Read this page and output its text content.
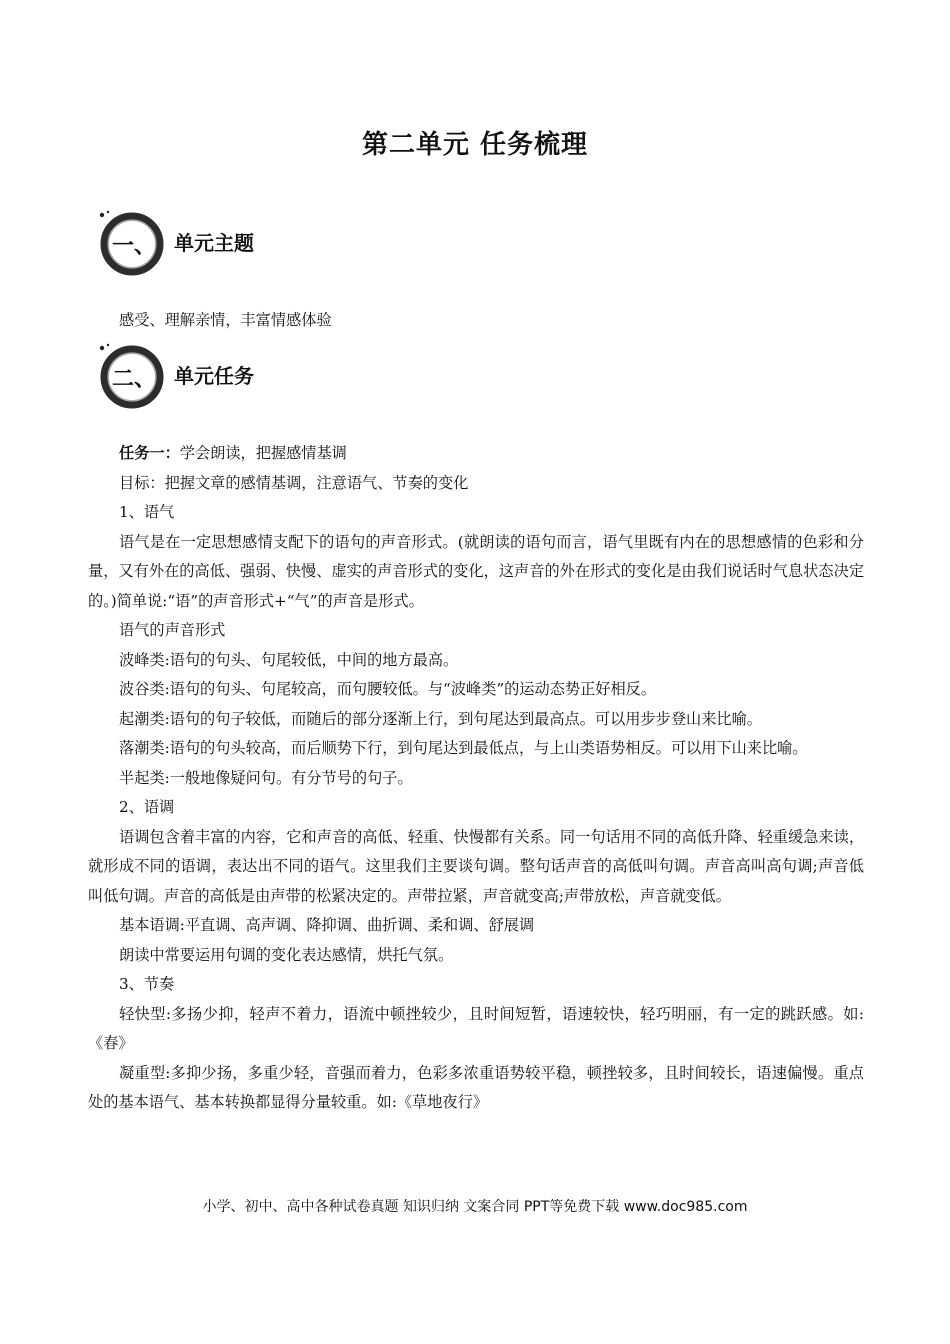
第二单元 任务梳理
一、 单元主题
感受、理解亲情，丰富情感体验
二、 单元任务

任务一：学会朗读，把握感情基调

目标：把握文章的感情基调，注意语气、节奏的变化

1、语气

语气是在一定思想感情支配下的语句的声音形式。(就朗读的语句而言，语气里既有内在的思想感情的色彩和分量，又有外在的高低、强弱、快慢、虚实的声音形式的变化，这声音的外在形式的变化是由我们说话时气息状态决定的。)简单说:“语”的声音形式+“气”的声音是形式。

语气的声音形式

波峰类:语句的句头、句尾较低，中间的地方最高。

波谷类:语句的句头、句尾较高，而句腰较低。与“波峰类”的运动态势正好相反。

起潮类:语句的句子较低，而随后的部分逐渐上行，到句尾达到最高点。可以用步步登山来比喻。

落潮类:语句的句头较高，而后顺势下行，到句尾达到最低点，与上山类语势相反。可以用下山来比喻。

半起类:一般地像疑问句。有分节号的句子。

2、语调

语调包含着丰富的内容，它和声音的高低、轻重、快慢都有关系。同一句话用不同的高低升降、轻重缓急来读，就形成不同的语调，表达出不同的语气。这里我们主要谈句调。整句话声音的高低叫句调。声音高叫高句调;声音低叫低句调。声音的高低是由声带的松紧决定的。声带拉紧，声音就变高;声带放松，声音就变低。

基本语调:平直调、高声调、降抑调、曲折调、柔和调、舒展调

朗读中常要运用句调的变化表达感情，烘托气氛。

3、节奏

轻快型:多扬少抑，轻声不着力，语流中顿挫较少，且时间短暂，语速较快，轻巧明丽，有一定的跳跃感。如:《春》

凝重型:多抑少扬，多重少轻，音强而着力，色彩多浓重语势较平稳，顿挫较多，且时间较长，语速偏慢。重点处的基本语气、基本转换都显得分量较重。如:《草地夜行》

小学、初中、高中各种试卷真题 知识归纳 文案合同 PPT等免费下载 www.doc985.com
